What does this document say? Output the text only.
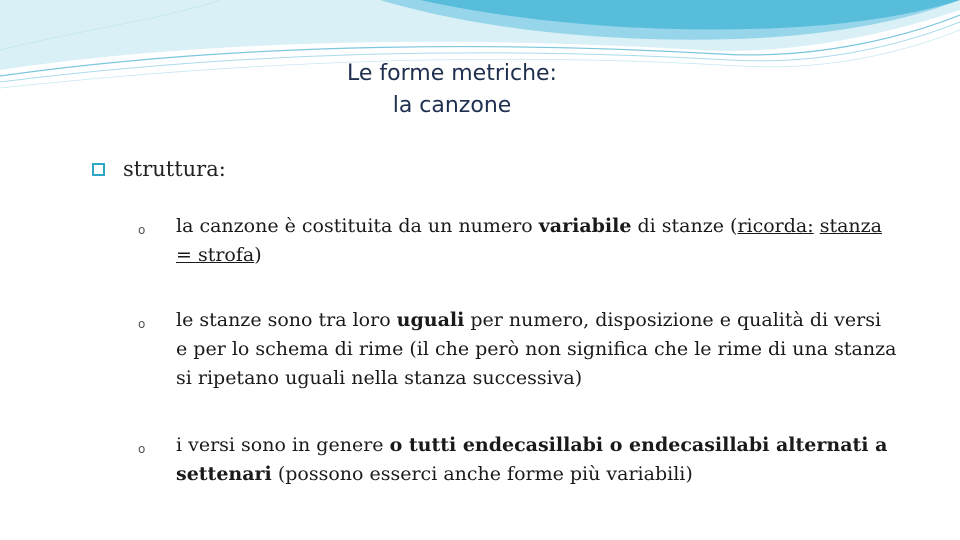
Le forme metriche:
la canzone
struttura:
o la canzone è costituita da un numero variabile di stanze (ricorda: stanza = strofa)
o le stanze sono tra loro uguali per numero, disposizione e qualità di versi e per lo schema di rime (il che però non significa che le rime di una stanza si ripetano uguali nella stanza successiva)
o i versi sono in genere o tutti endecasillabi o endecasillabi alternati a settenari (possono esserci anche forme più variabili)
